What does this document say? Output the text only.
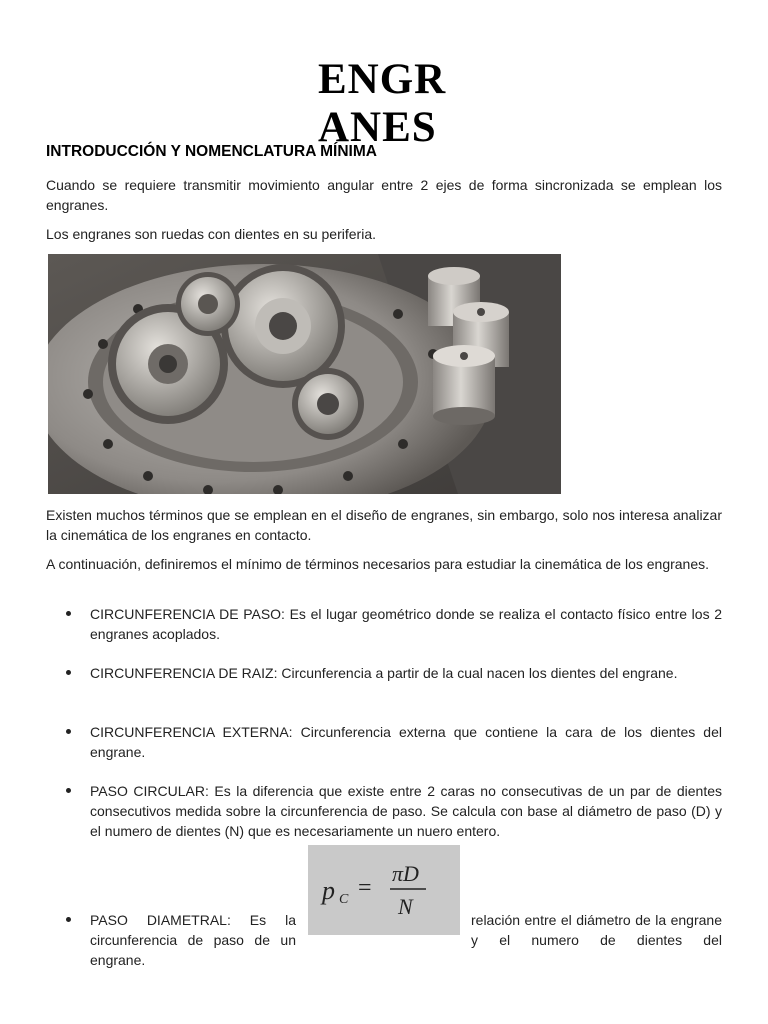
ENGRANES
INTRODUCCIÓN Y NOMENCLATURA MÍNIMA

Cuando se requiere transmitir movimiento angular entre 2 ejes de forma sincronizada se emplean los engranes.

Los engranes son ruedas con dientes en su periferia.

Existen muchos términos que se emplean en el diseño de engranes, sin embargo, solo nos interesa analizar la cinemática de los engranes en contacto.

A continuación, definiremos el mínimo de términos necesarios para estudiar la cinemática de los engranes.

CIRCUNFERENCIA DE PASO: Es el lugar geométrico donde se realiza el contacto físico entre los 2 engranes acoplados.

CIRCUNFERENCIA DE RAIZ: Circunferencia a partir de la cual nacen los dientes del engrane.

CIRCUNFERENCIA EXTERNA: Circunferencia externa que contiene la cara de los dientes del engrane.

PASO CIRCULAR: Es la diferencia que existe entre 2 caras no consecutivas de un par de dientes consecutivos medida sobre la circunferencia de paso. Se calcula con base al diámetro de paso (D) y el numero de dientes (N) que es necesariamente un nuero entero.

p C =
πD
N

PASO DIAMETRAL: Es la circunferencia de paso de un

relación entre el diámetro de la engrane y el numero de dientes del

engrane.
